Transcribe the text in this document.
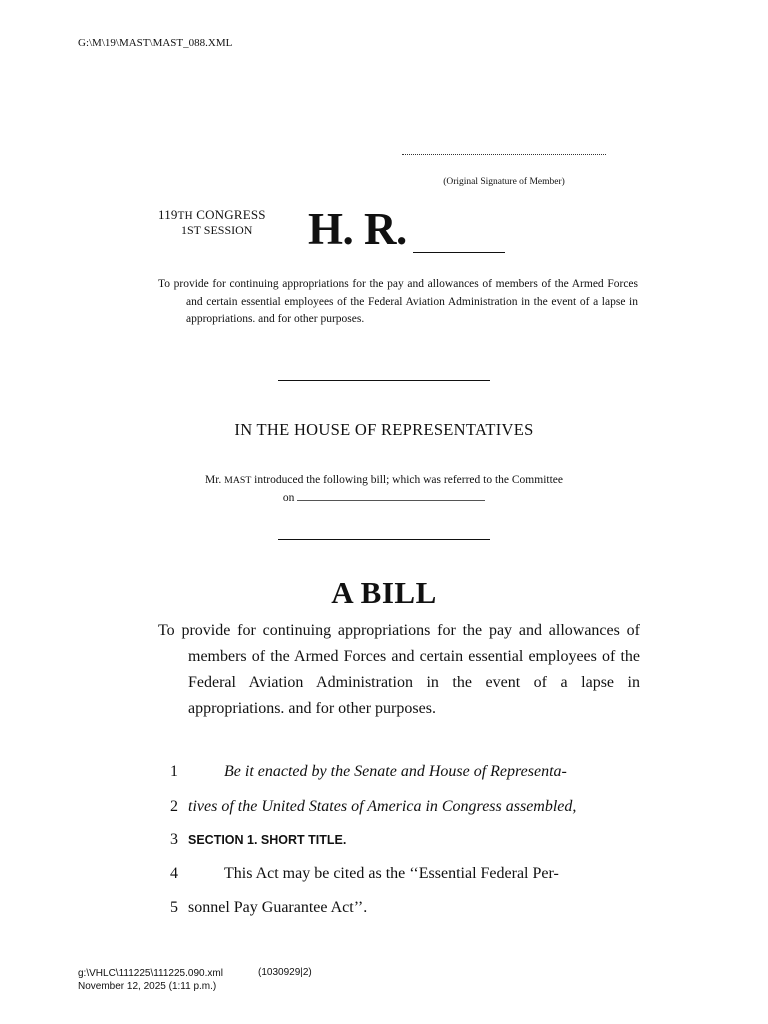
G:\M\19\MAST\MAST_088.XML
(Original Signature of Member)
119TH CONGRESS
1ST SESSION H. R.
To provide for continuing appropriations for the pay and allowances of members of the Armed Forces and certain essential employees of the Federal Aviation Administration in the event of a lapse in appropriations. and for other purposes.
IN THE HOUSE OF REPRESENTATIVES
Mr. MAST introduced the following bill; which was referred to the Committee
on
A BILL
To provide for continuing appropriations for the pay and allowances of members of the Armed Forces and certain essential employees of the Federal Aviation Administration in the event of a lapse in appropriations. and for other purposes.
1	Be it enacted by the Senate and House of Representa-
2 tives of the United States of America in Congress assembled,
3 SECTION 1. SHORT TITLE.
4	This Act may be cited as the ‘‘Essential Federal Per-
5 sonnel Pay Guarantee Act’’.
g:\VHLC\111225\111225.090.xml
November 12, 2025 (1:11 p.m.)
(1030929|2)
